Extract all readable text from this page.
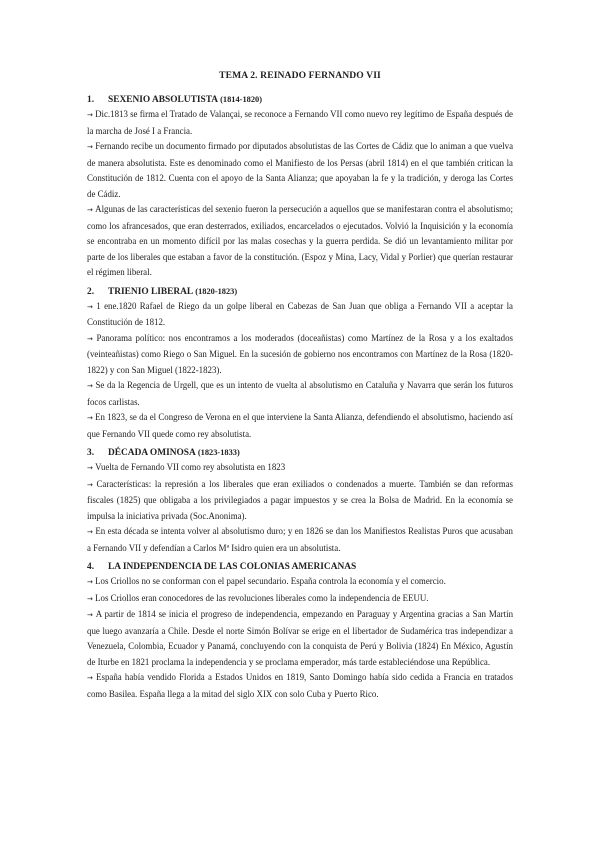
TEMA 2. REINADO FERNANDO VII
1. SEXENIO ABSOLUTISTA (1814-1820)

→ Dic.1813 se firma el Tratado de Valançai, se reconoce a Fernando VII como nuevo rey legítimo de España después de la marcha de José I a Francia.

→ Fernando recibe un documento firmado por diputados absolutistas de las Cortes de Cádiz que lo animan a que vuelva de manera absolutista. Este es denominado como el Manifiesto de los Persas (abril 1814) en el que también critican la Constitución de 1812. Cuenta con el apoyo de la Santa Alianza; que apoyaban la fe y la tradición, y deroga las Cortes de Cádiz.

→ Algunas de las características del sexenio fueron la persecución a aquellos que se manifestaran contra el absolutismo; como los afrancesados, que eran desterrados, exiliados, encarcelados o ejecutados. Volvió la Inquisición y la economía se encontraba en un momento difícil por las malas cosechas y la guerra perdida. Se dió un levantamiento militar por parte de los liberales que estaban a favor de la constitución. (Espoz y Mina, Lacy, Vidal y Porlier) que querían restaurar el régimen liberal.

2. TRIENIO LIBERAL (1820-1823)

→ 1 ene.1820 Rafael de Riego da un golpe liberal en Cabezas de San Juan que obliga a Fernando VII a aceptar la Constitución de 1812.

→ Panorama político: nos encontramos a los moderados (doceañistas) como Martínez de la Rosa y a los exaltados (veinteañistas) como Riego o San Miguel. En la sucesión de gobierno nos encontramos con Martínez de la Rosa (1820-1822) y con San Miguel (1822-1823).

→ Se da la Regencia de Urgell, que es un intento de vuelta al absolutismo en Cataluña y Navarra que serán los futuros focos carlistas.

→ En 1823, se da el Congreso de Verona en el que interviene la Santa Alianza, defendiendo el absolutismo, haciendo así que Fernando VII quede como rey absolutista.

3. DÉCADA OMINOSA (1823-1833)

→ Vuelta de Fernando VII como rey absolutista en 1823

→ Características: la represión a los liberales que eran exiliados o condenados a muerte. También se dan reformas fiscales (1825) que obligaba a los privilegiados a pagar impuestos y se crea la Bolsa de Madrid. En la economía se impulsa la iniciativa privada (Soc.Anonima).

→ En esta década se intenta volver al absolutismo duro; y en 1826 se dan los Manifiestos Realistas Puros que acusaban a Fernando VII y defendían a Carlos Mª Isidro quien era un absolutista.

4. LA INDEPENDENCIA DE LAS COLONIAS AMERICANAS

→ Los Criollos no se conforman con el papel secundario. España controla la economía y el comercio.

→ Los Criollos eran conocedores de las revoluciones liberales como la independencia de EEUU.

→ A partir de 1814 se inicia el progreso de independencia, empezando en Paraguay y Argentina gracias a San Martín que luego avanzaría a Chile. Desde el norte Simón Bolívar se erige en el libertador de Sudamérica tras independizar a Venezuela, Colombia, Ecuador y Panamá, concluyendo con la conquista de Perú y Bolivia (1824) En México, Agustín de Iturbe en 1821 proclama la independencia y se proclama emperador, más tarde estableciéndose una República.

→ España había vendido Florida a Estados Unidos en 1819, Santo Domingo había sido cedida a Francia en tratados como Basilea. España llega a la mitad del siglo XIX con solo Cuba y Puerto Rico.
